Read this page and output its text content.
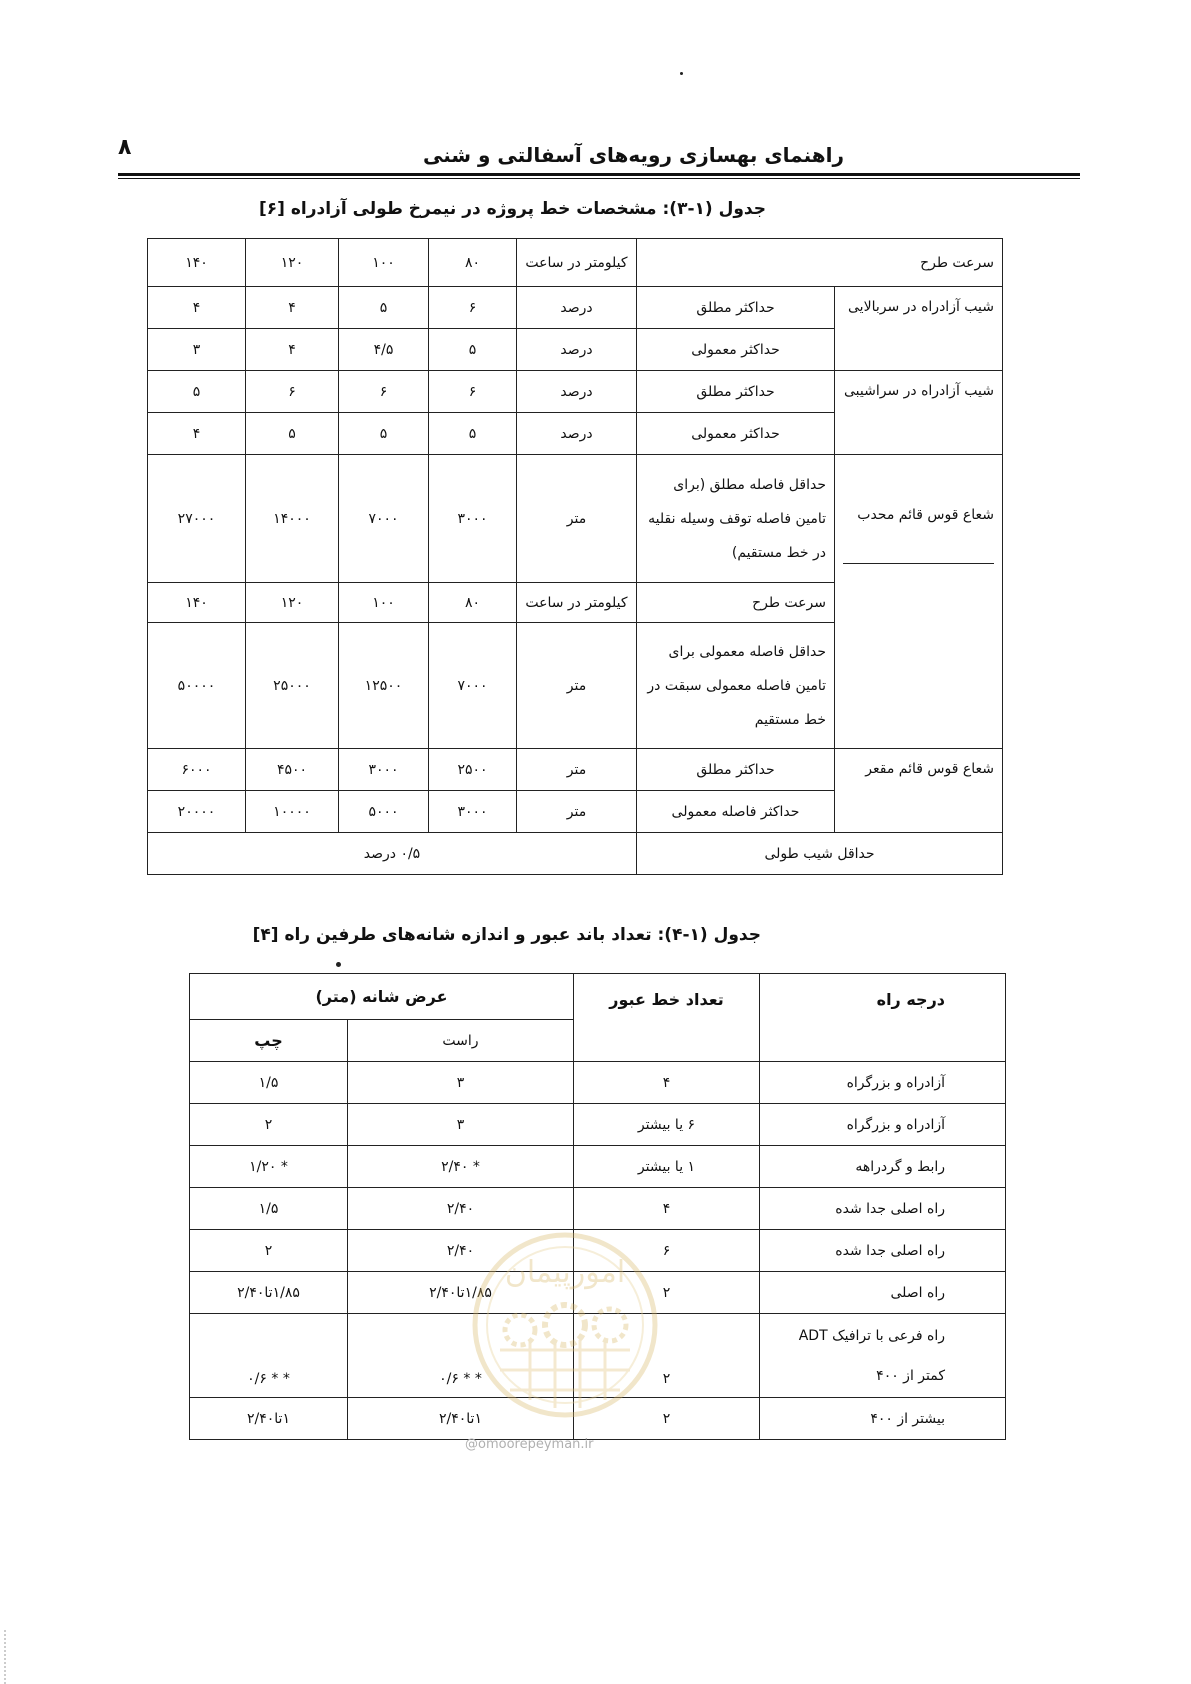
راهنمای بهسازی رویه‌های آسفالتی و شنی
۸
جدول (۱-۳): مشخصات خط پروژه در نیمرخ طولی آزادراه [۶]
سرعت طرح		کیلومتر در ساعت	۸۰	۱۰۰	۱۲۰	۱۴۰
شیب آزادراه در سربالایی	حداکثر مطلق	درصد	۶	۵	۴	۴
	حداکثر معمولی	درصد	۵	۴/۵	۴	۳
شیب آزادراه در سراشیبی	حداکثر مطلق	درصد	۶	۶	۶	۵
	حداکثر معمولی	درصد	۵	۵	۵	۴
شعاع قوس قائم محدب	حداقل فاصله مطلق (برای تامین فاصله توقف وسیله نقلیه در خط مستقیم)	متر	۳۰۰۰	۷۰۰۰	۱۴۰۰۰	۲۷۰۰۰
	سرعت طرح	کیلومتر در ساعت	۸۰	۱۰۰	۱۲۰	۱۴۰
	حداقل فاصله معمولی برای تامین فاصله معمولی سبقت در خط مستقیم	متر	۷۰۰۰	۱۲۵۰۰	۲۵۰۰۰	۵۰۰۰۰
شعاع قوس قائم مقعر	حداکثر مطلق	متر	۲۵۰۰	۳۰۰۰	۴۵۰۰	۶۰۰۰
	حداکثر فاصله معمولی	متر	۳۰۰۰	۵۰۰۰	۱۰۰۰۰	۲۰۰۰۰
حداقل شیب طولی		۰/۵ درصد				
جدول (۱-۴): تعداد باند عبور و اندازه شانه‌های طرفین راه [۴]
درجه راه	تعداد خط عبور	عرض شانه (متر)	
		راست	چپ
آزادراه و بزرگراه	۴	۳	۱/۵
آزادراه و بزرگراه	۶ یا بیشتر	۳	۲
رابط و گردراهه	۱ یا بیشتر	* ۲/۴۰	* ۱/۲۰
راه اصلی جدا شده	۴	۲/۴۰	۱/۵
راه اصلی جدا شده	۶	۲/۴۰	۲
راه اصلی	۲	۱/۸۵تا۲/۴۰	۱/۸۵تا۲/۴۰

راه فرعی با ترافیک ADT
کمتر از ۴۰۰	۲	* * ۰/۶	* * ۰/۶
بیشتر از ۴۰۰	۲	۱تا۲/۴۰	۱تا۲/۴۰
امورپیمان
@omoorepeyman.ir
